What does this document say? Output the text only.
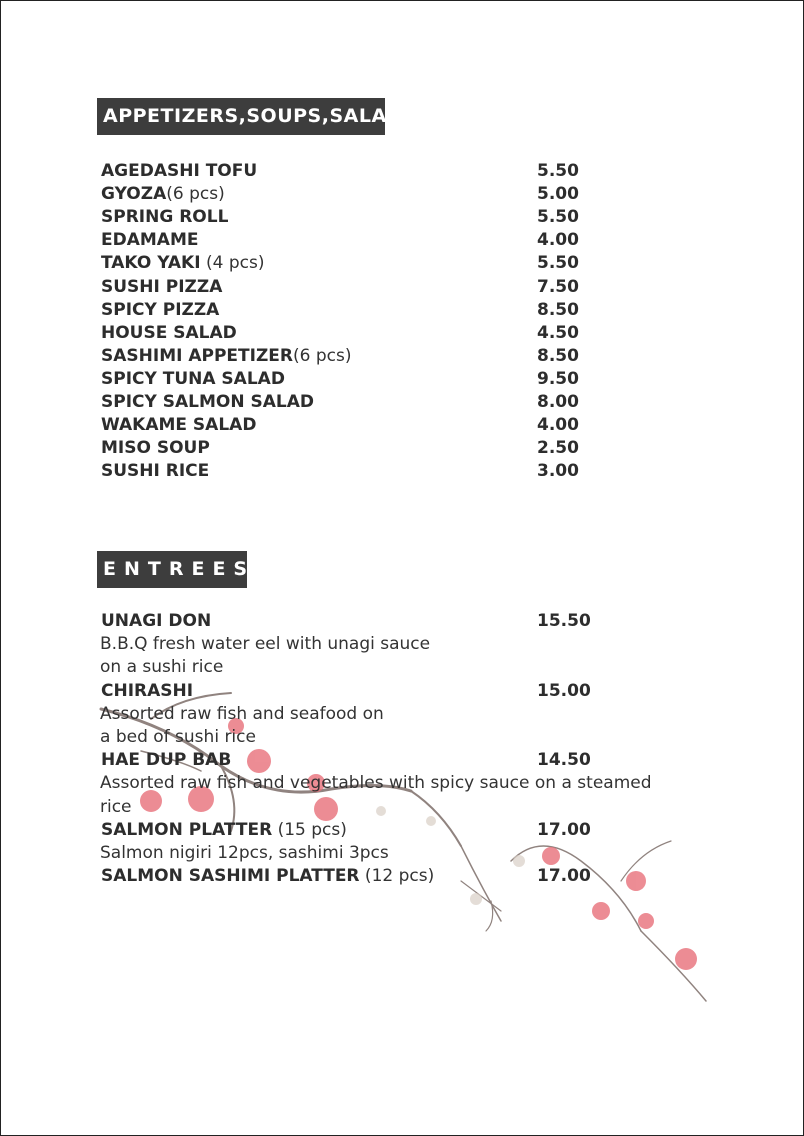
APPETIZERS,SOUPS,SALADS
AGEDASHI TOFU	5.50
GYOZA(6 pcs)	5.00
SPRING ROLL	5.50
EDAMAME	4.00
TAKO YAKI (4 pcs)	5.50
SUSHI PIZZA	7.50
SPICY PIZZA	8.50
HOUSE SALAD	4.50
SASHIMI APPETIZER(6 pcs)	8.50
SPICY TUNA SALAD	9.50
SPICY SALMON SALAD	8.00
WAKAME SALAD	4.00
MISO SOUP	2.50
SUSHI RICE	3.00
ENTREES
UNAGI DON	15.50
B.B.Q fresh water eel with unagi sauce
on a sushi rice
CHIRASHI	15.00
Assorted raw fish and seafood on
a bed of sushi rice
HAE DUP BAB	14.50
Assorted raw fish and vegetables with spicy sauce on a steamed
rice
SALMON PLATTER (15 pcs)	17.00
Salmon nigiri 12pcs, sashimi 3pcs
SALMON SASHIMI PLATTER (12 pcs)	17.00
